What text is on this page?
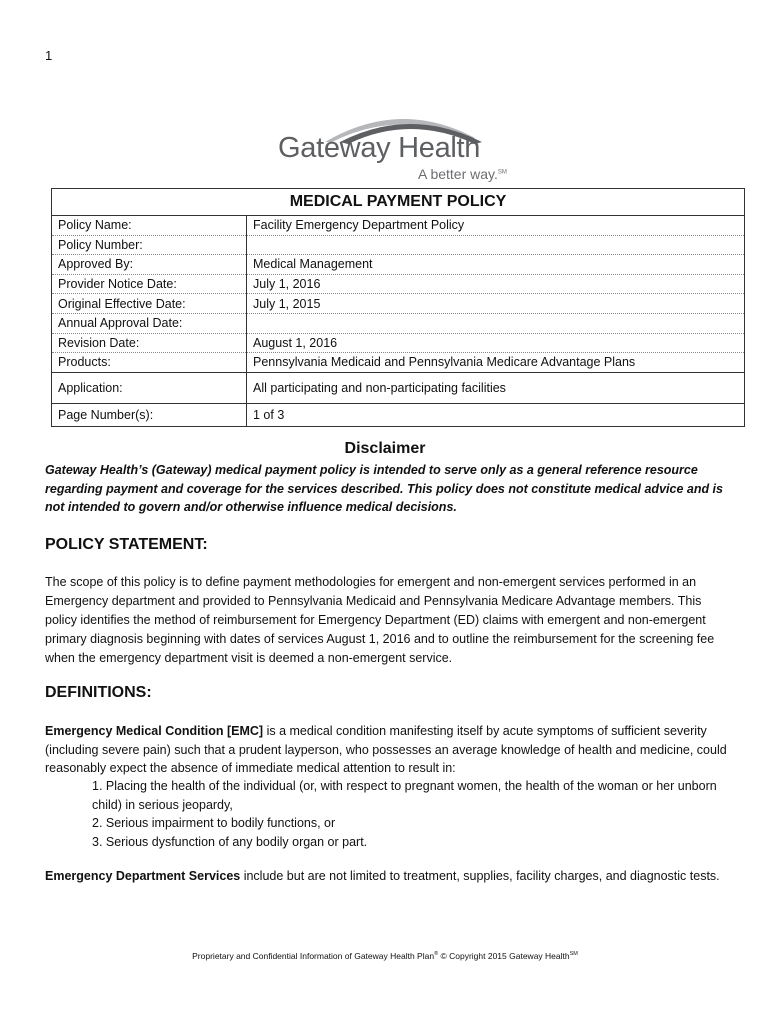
1
Gateway Health
A better way.℠
MEDICAL PAYMENT POLICY	
Policy Name:	Facility Emergency Department Policy
Policy Number:	
Approved By:	Medical Management
Provider Notice Date:	July 1, 2016
Original Effective Date:	July 1, 2015
Annual Approval Date:	
Revision Date:	August 1, 2016
Products:	Pennsylvania Medicaid and Pennsylvania Medicare Advantage Plans
Application:	All participating and non-participating facilities
Page Number(s):	1 of 3
Disclaimer
Gateway Health’s (Gateway) medical payment policy is intended to serve only as a general reference resource regarding payment and coverage for the services described. This policy does not constitute medical advice and is not intended to govern and/or otherwise influence medical decisions.
POLICY STATEMENT:
The scope of this policy is to define payment methodologies for emergent and non-emergent services performed in an Emergency department and provided to Pennsylvania Medicaid and Pennsylvania Medicare Advantage members. This policy identifies the method of reimbursement for Emergency Department (ED) claims with emergent and non-emergent primary diagnosis beginning with dates of services August 1, 2016 and to outline the reimbursement for the screening fee when the emergency department visit is deemed a non-emergent service.
DEFINITIONS:
Emergency Medical Condition [EMC] is a medical condition manifesting itself by acute symptoms of sufficient severity (including severe pain) such that a prudent layperson, who possesses an average knowledge of health and medicine, could reasonably expect the absence of immediate medical attention to result in:

1. Placing the health of the individual (or, with respect to pregnant women, the health of the woman or her unborn child) in serious jeopardy,

2. Serious impairment to bodily functions, or

3. Serious dysfunction of any bodily organ or part.

Emergency Department Services include but are not limited to treatment, supplies, facility charges, and diagnostic tests.
Proprietary and Confidential Information of Gateway Health Plan® © Copyright 2015 Gateway Health℠
